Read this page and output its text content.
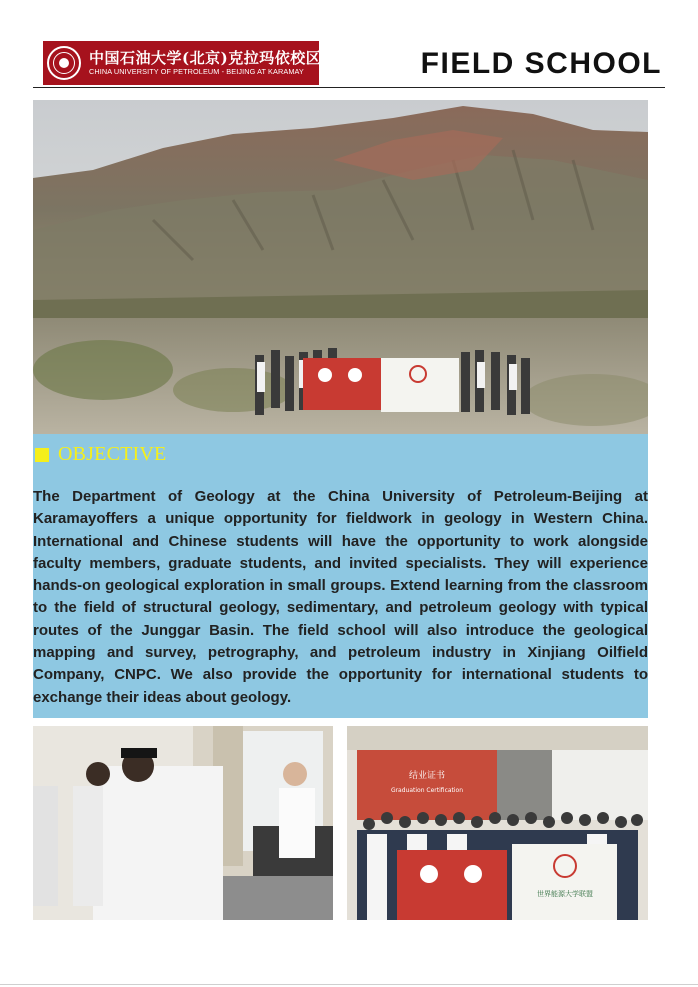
中国石油大学(北京)克拉玛依校区
CHINA UNIVERSITY OF PETROLEUM - BEIJING AT KARAMAY	FIELD SCHOOL
OBJECTIVE

The Department of Geology at the China University of Petroleum-Beijing at Karamayoffers a unique opportunity for fieldwork in geology in Western China. International and Chinese students will have the opportunity to work alongside faculty members, graduate students, and invited specialists. They will experience hands-on geological exploration in small groups. Extend learning from the classroom to the field of structural geology, sedimentary, and petroleum geology with typical routes of the Junggar Basin. The field school will also introduce the geological mapping and survey, petrography, and petroleum industry in Xinjiang Oilfield Company, CNPC. We also provide the opportunity for international students to exchange their ideas about geology.

结业证书
Graduation Certification
世界能源大学联盟
